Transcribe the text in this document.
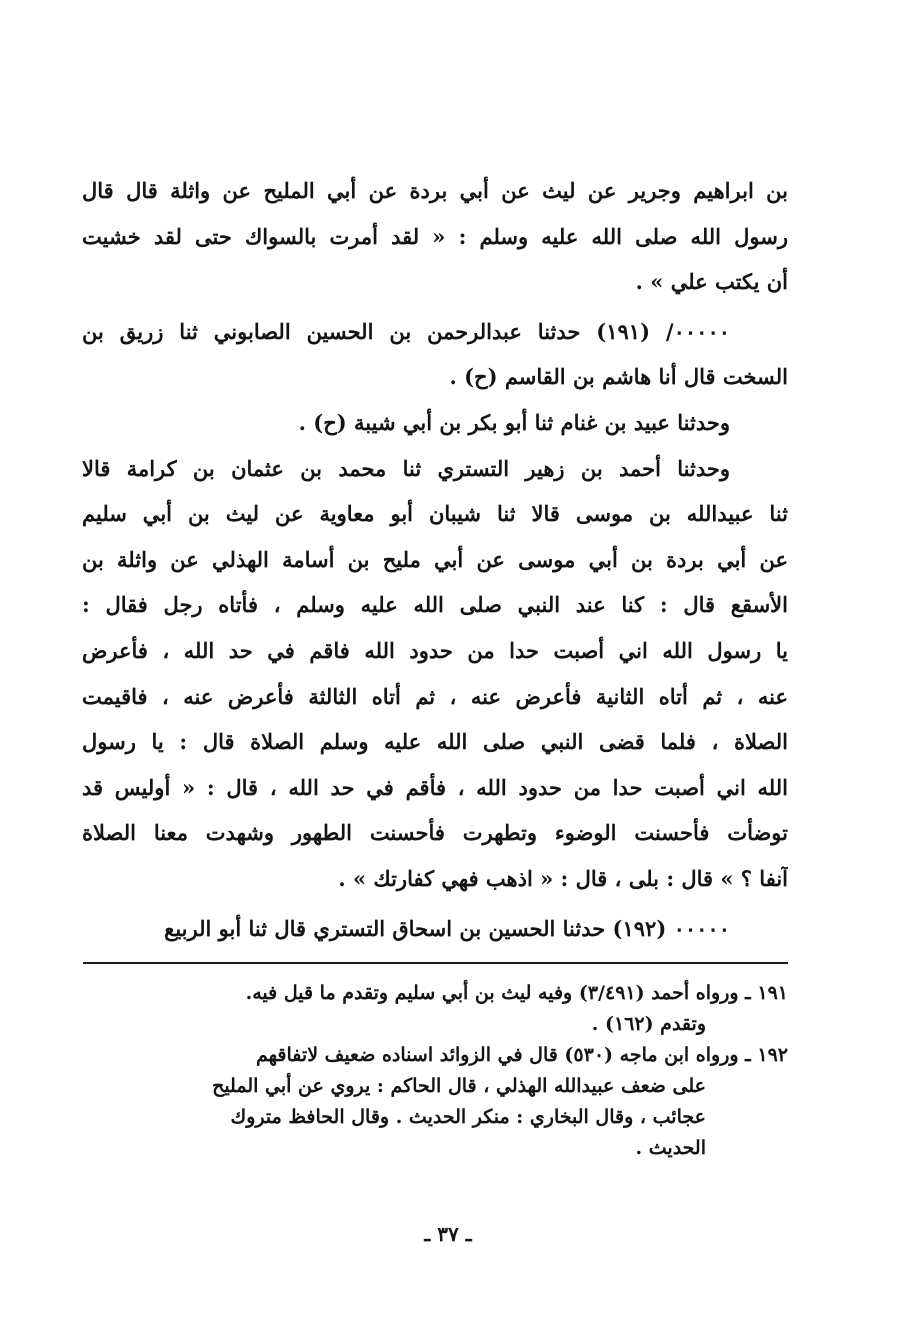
بن ابراهيم وجرير عن ليث عن أبي بردة عن أبي المليح عن واثلة قال قال
رسول الله صلى الله عليه وسلم : « لقد أمرت بالسواك حتى لقد خشيت
أن يكتب علي » .
٠٠٠٠٠/ (١٩١) حدثنا عبدالرحمن بن الحسين الصابوني ثنا زريق بن
السخت قال أنا هاشم بن القاسم (ح) .
وحدثنا عبيد بن غنام ثنا أبو بكر بن أبي شيبة (ح) .
وحدثنا أحمد بن زهير التستري ثنا محمد بن عثمان بن كرامة قالا
ثنا عبيدالله بن موسى قالا ثنا شيبان أبو معاوية عن ليث بن أبي سليم
عن أبي بردة بن أبي موسى عن أبي مليح بن أسامة الهذلي عن واثلة بن
الأسقع قال : كنا عند النبي صلى الله عليه وسلم ، فأتاه رجل فقال :
يا رسول الله اني أصبت حدا من حدود الله فاقم في حد الله ، فأعرض
عنه ، ثم أتاه الثانية فأعرض عنه ، ثم أتاه الثالثة فأعرض عنه ، فاقيمت
الصلاة ، فلما قضى النبي صلى الله عليه وسلم الصلاة قال : يا رسول
الله اني أصبت حدا من حدود الله ، فأقم في حد الله ، قال : « أوليس قد
توضأت فأحسنت الوضوء وتطهرت فأحسنت الطهور وشهدت معنا الصلاة
آنفا ؟ » قال : بلى ، قال : « اذهب فهي كفارتك » .
٠٠٠٠٠ (١٩٢) حدثنا الحسين بن اسحاق التستري قال ثنا أبو الربيع
١٩١ ـ ورواه أحمد (٣/٤٩١) وفيه ليث بن أبي سليم وتقدم ما قيل فيه.
وتقدم (١٦٢) .
١٩٢ ـ ورواه ابن ماجه (٥٣٠) قال في الزوائد اسناده ضعيف لاتفاقهم
على ضعف عبيدالله الهذلي ، قال الحاكم : يروي عن أبي المليح
عجائب ، وقال البخاري : منكر الحديث . وقال الحافظ متروك
الحديث .
ـ ٣٧ ـ
